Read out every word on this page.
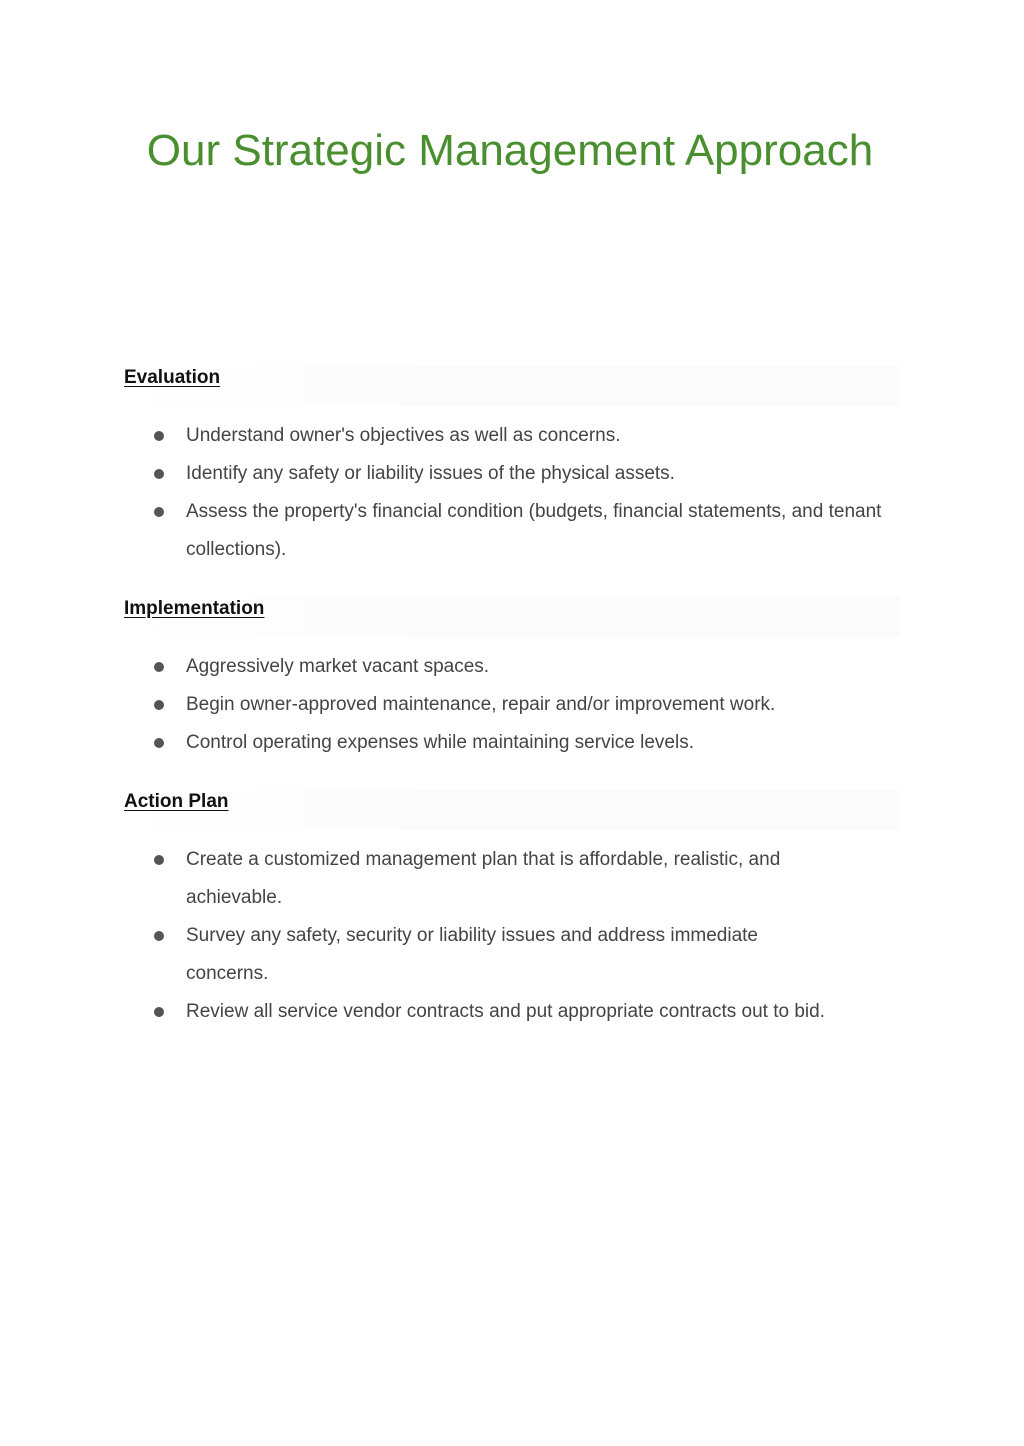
Our Strategic Management Approach
Evaluation
Understand owner's objectives as well as concerns.
Identify any safety or liability issues of the physical assets.
Assess the property's financial condition (budgets, financial statements, and tenant collections).
Implementation
Aggressively market vacant spaces.
Begin owner-approved maintenance, repair and/or improvement work.
Control operating expenses while maintaining service levels.
Action Plan
Create a customized management plan that is affordable, realistic, and achievable.
Survey any safety, security or liability issues and address immediate concerns.
Review all service vendor contracts and put appropriate contracts out to bid.
